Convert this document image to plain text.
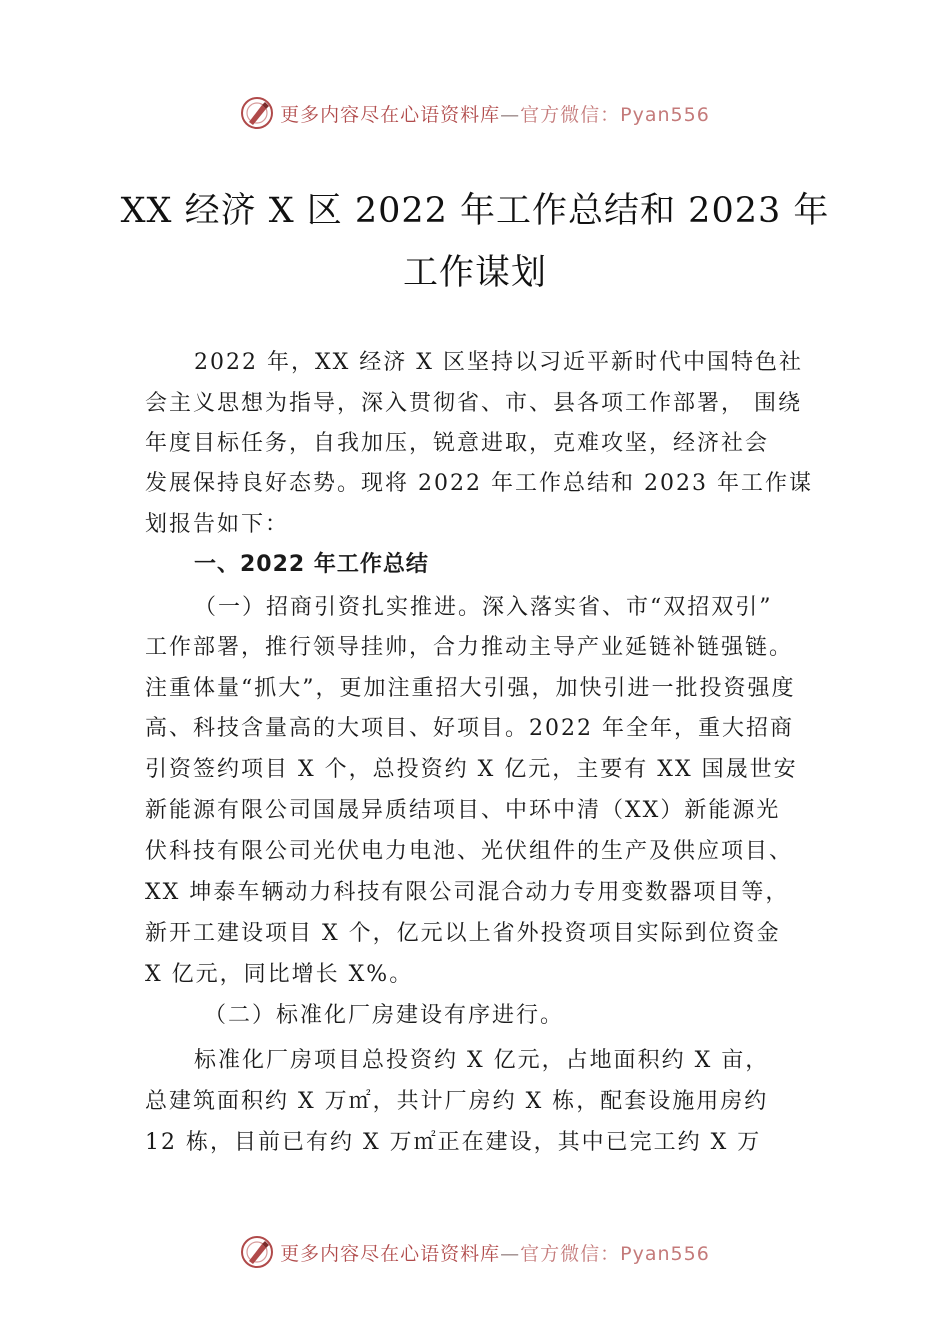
更多内容尽在心语资料库—官方微信：Pyan556
XX 经济 X 区 2022 年工作总结和 2023 年
工作谋划
2022 年，XX 经济 X 区坚持以习近平新时代中国特色社
会主义思想为指导，深入贯彻省、市、县各项工作部署， 围绕
年度目标任务，自我加压，锐意进取，克难攻坚，经济社会
发展保持良好态势。现将 2022 年工作总结和 2023 年工作谋
划报告如下：
一、2022 年工作总结
（一）招商引资扎实推进。深入落实省、市“双招双引”
工作部署，推行领导挂帅，合力推动主导产业延链补链强链。
注重体量“抓大”，更加注重招大引强，加快引进一批投资强度
高、科技含量高的大项目、好项目。2022 年全年，重大招商
引资签约项目 X 个，总投资约 X 亿元，主要有 XX 国晟世安
新能源有限公司国晟异质结项目、中环中清（XX）新能源光
伏科技有限公司光伏电力电池、光伏组件的生产及供应项目、
XX 坤泰车辆动力科技有限公司混合动力专用变数器项目等，
新开工建设项目 X 个，亿元以上省外投资项目实际到位资金
X 亿元，同比增长 X%。
（二）标准化厂房建设有序进行。
标准化厂房项目总投资约 X 亿元，占地面积约 X 亩，
总建筑面积约 X 万㎡，共计厂房约 X 栋，配套设施用房约
12 栋，目前已有约 X 万㎡正在建设，其中已完工约 X 万
更多内容尽在心语资料库—官方微信：Pyan556
